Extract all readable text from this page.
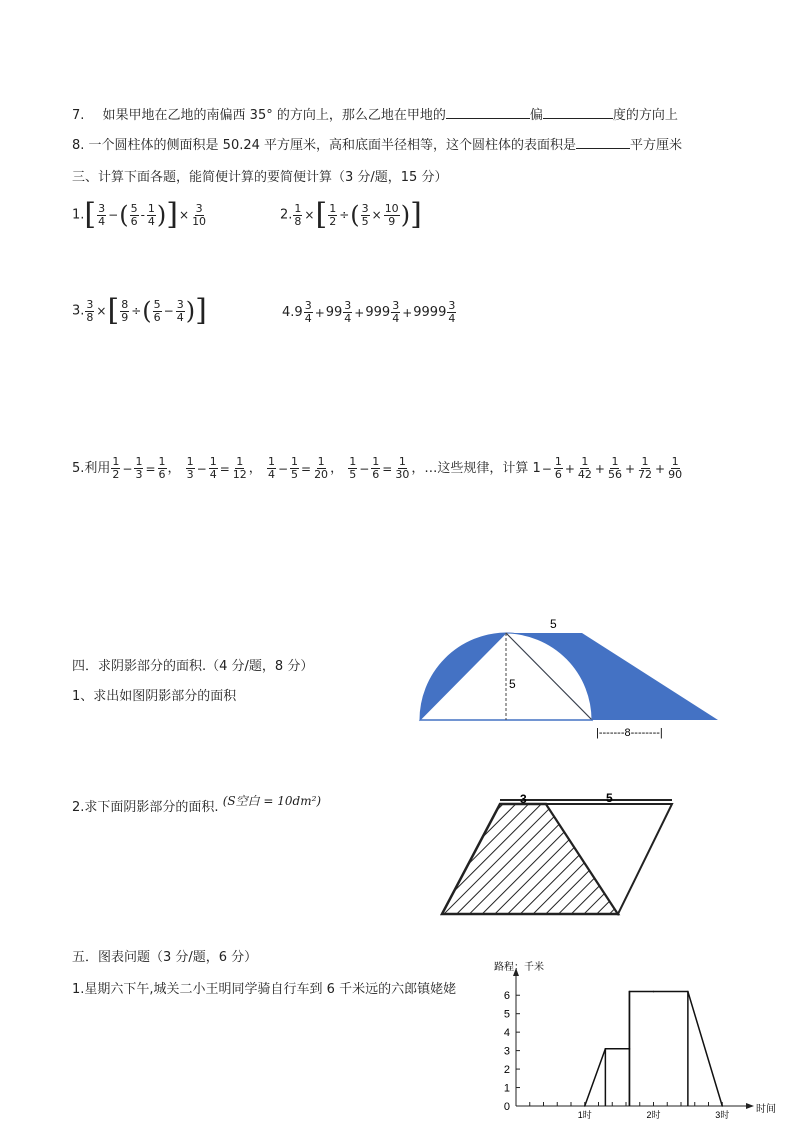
7. 如果甲地在乙地的南偏西 35° 的方向上，那么乙地在甲地的	偏	度的方向上
8. 一个圆柱体的侧面积是 50.24 平方厘米，高和底面半径相等，这个圆柱体的表面积是	平方厘米
三、计算下面各题，能简便计算的要简便计算（3 分/题，15 分）
$1.[ \frac{3}{4}$ −( $\frac{5}{6} - \frac{1}{4}$ )]× $\frac{3}{10}$	2. $\frac{1}{8}$ ×[ $\frac{1}{2}$ ÷( $\frac{3}{5} \times \frac{10}{9}$ )]
3. $\frac{3}{8}$ ×[ $\frac{8}{9}$ ÷( $\frac{5}{6} - \frac{3}{4}$ )]	$4.9 \frac{3}{4} +99 \frac{3}{4} +999 \frac{3}{4} +9999 \frac{3}{4}$
5.利用 $\frac{1}{2} - \frac{1}{3} = \frac{1}{6}$ ， $\frac{1}{3} - \frac{1}{4} = \frac{1}{12}$ ， $\frac{1}{4} - \frac{1}{5} = \frac{1}{20}$ ， $\frac{1}{5} - \frac{1}{6} = \frac{1}{30}$ ，…这些规律，计算 $1- \frac{1}{6} + \frac{1}{42} + \frac{1}{56} + \frac{1}{72} + \frac{1}{90}$
四．求阴影部分的面积.（4 分/题，8 分）
1、求出如图阴影部分的面积
5
5
|-------8--------|
2.求下面阴影部分的面积. (S空白 = 10dm²)	3	5
五．图表问题（3 分/题，6 分）
1.星期六下午,城关二小王明同学骑自行车到 6 千米远的六郎镇姥姥
0
1
2
3
4
5
6
1时	2时	3时
路程：千米
时间
